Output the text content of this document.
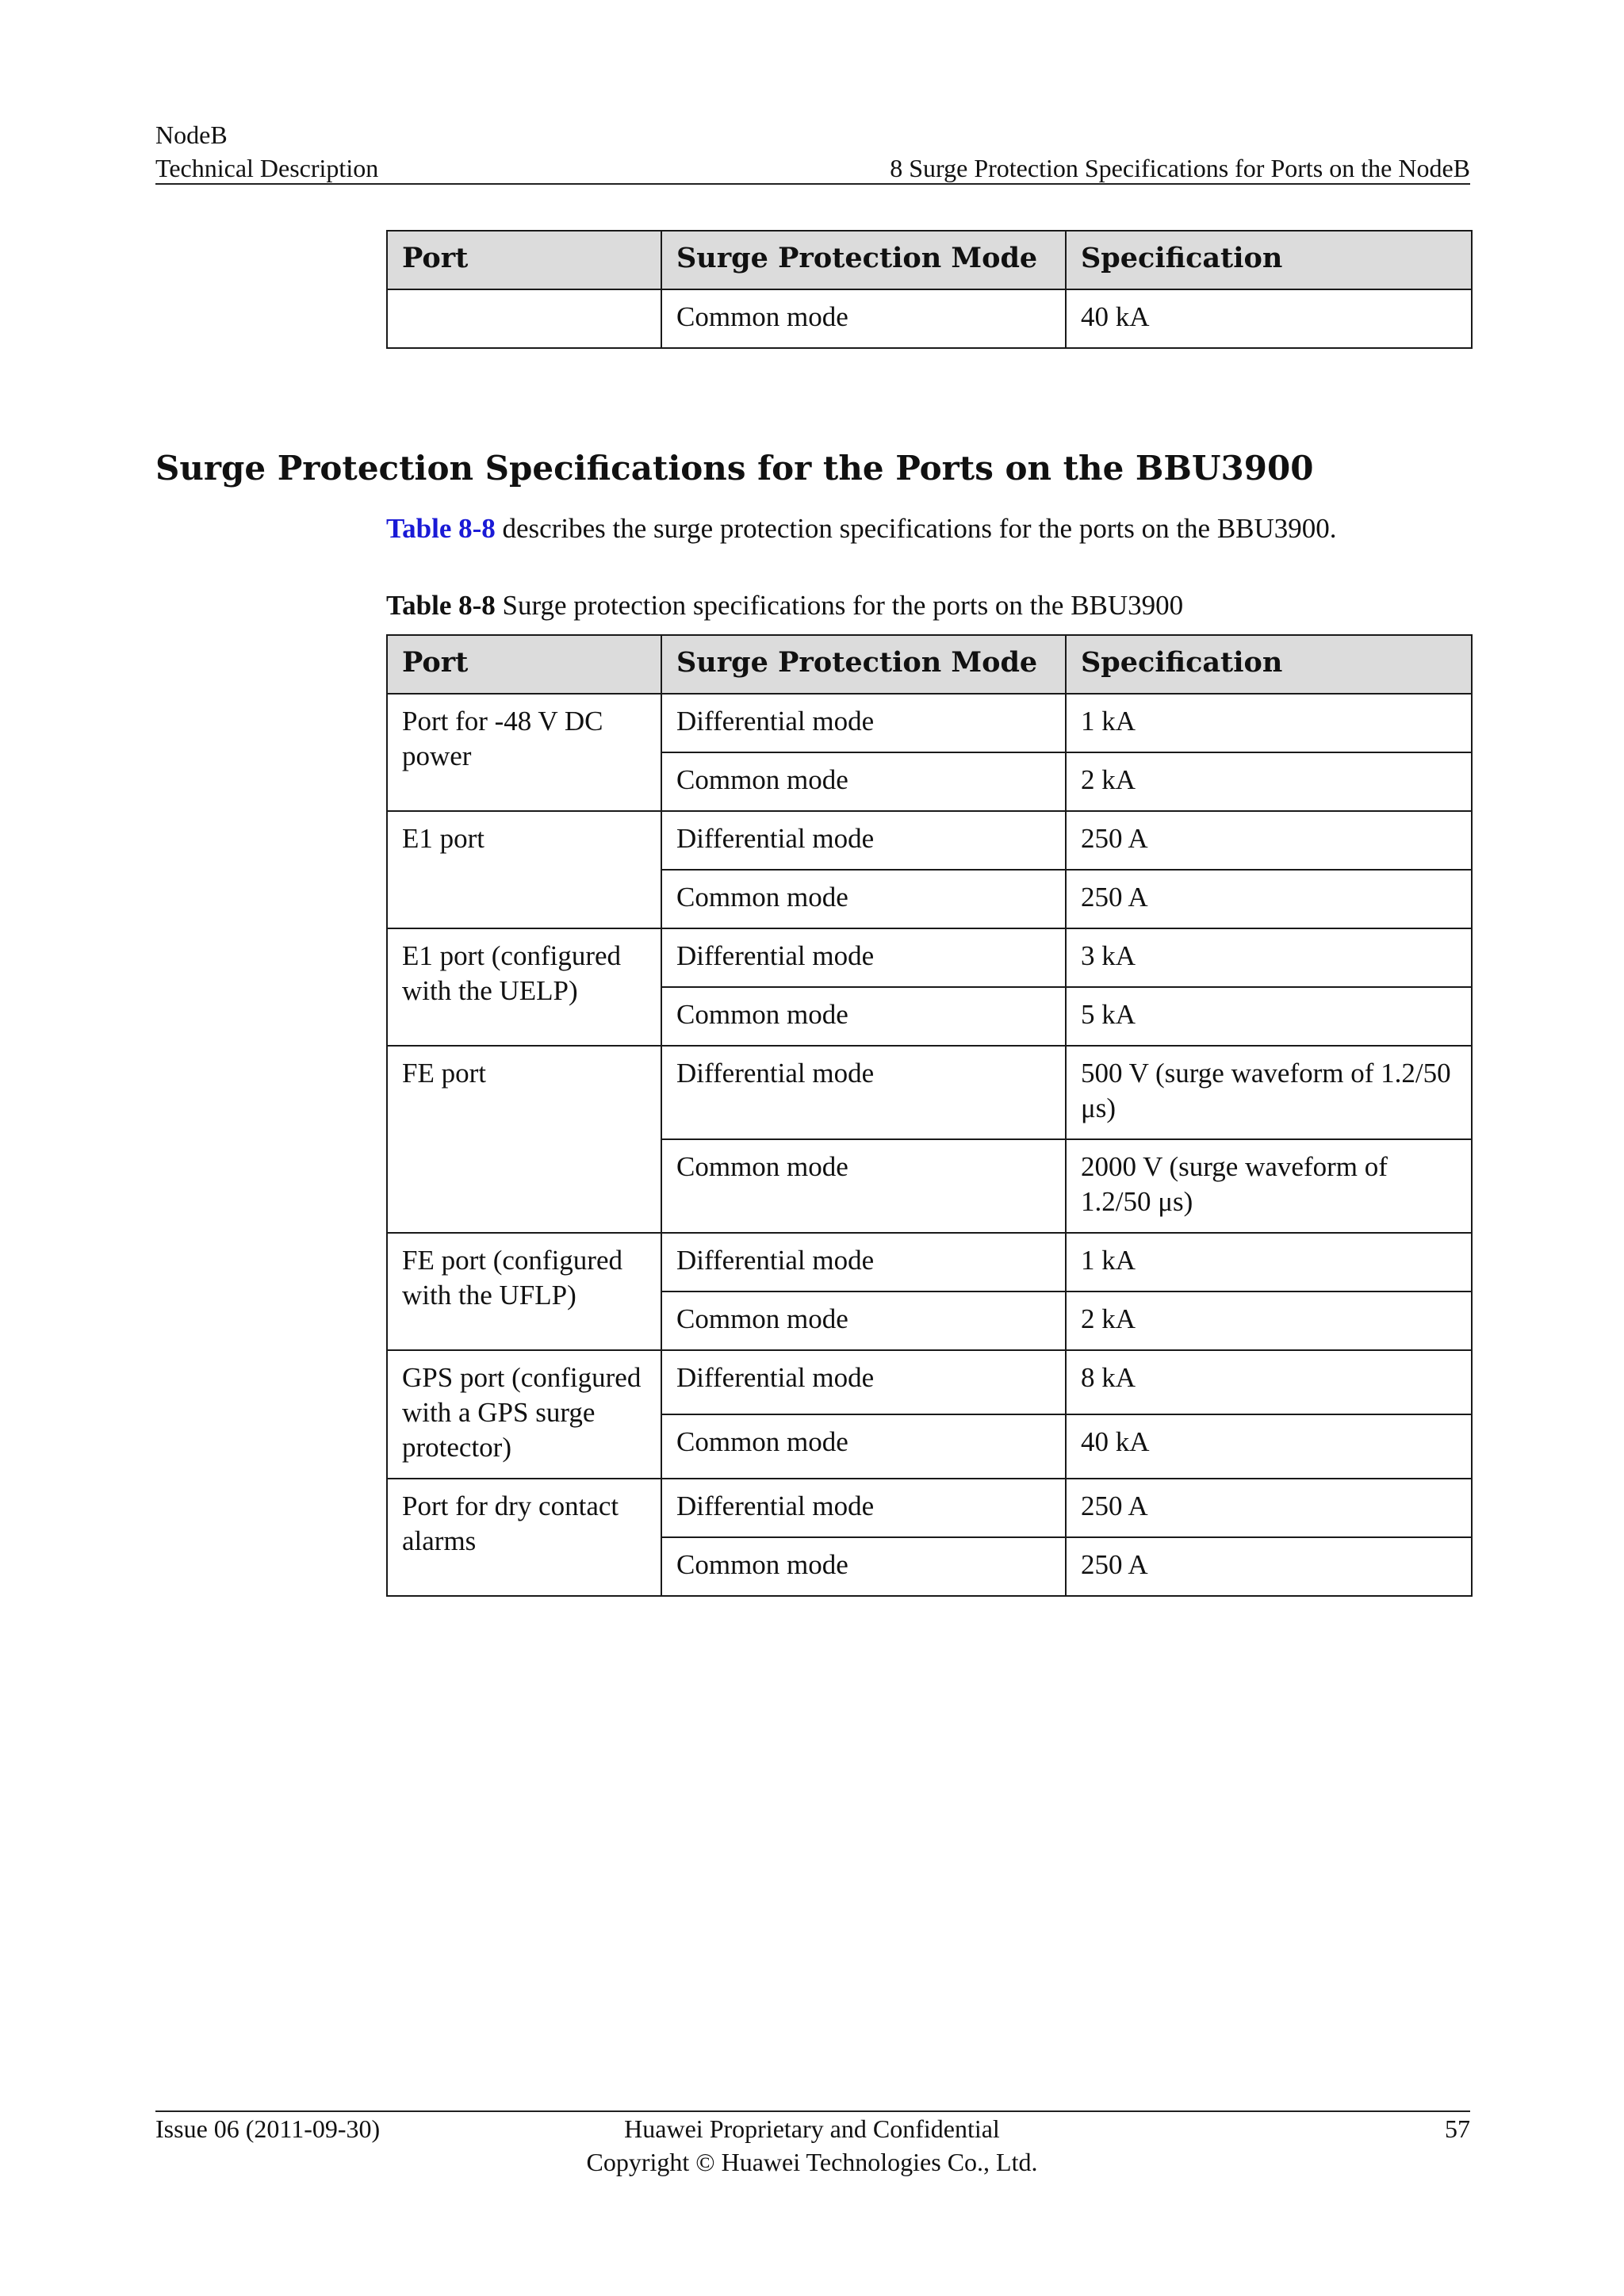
NodeB
Technical Description	8 Surge Protection Specifications for Ports on the NodeB
Port	Surge Protection Mode	Specification
	Common mode	40 kA
Surge Protection Specifications for the Ports on the BBU3900
Table 8-8 describes the surge protection specifications for the ports on the BBU3900.
Table 8-8 Surge protection specifications for the ports on the BBU3900
Port	Surge Protection Mode	Specification
Port for -48 V DC power	Differential mode	1 kA
	Common mode	2 kA
E1 port	Differential mode	250 A
	Common mode	250 A
E1 port (configured with the UELP)	Differential mode	3 kA
	Common mode	5 kA
FE port	Differential mode	500 V (surge waveform of 1.2/50 μs)
	Common mode	2000 V (surge waveform of 1.2/50 μs)
FE port (configured with the UFLP)	Differential mode	1 kA
	Common mode	2 kA
GPS port (configured with a GPS surge protector)	Differential mode	8 kA
	Common mode	40 kA
Port for dry contact alarms	Differential mode	250 A
	Common mode	250 A
Issue 06 (2011-09-30)	Huawei Proprietary and Confidential
Copyright © Huawei Technologies Co., Ltd.
57
